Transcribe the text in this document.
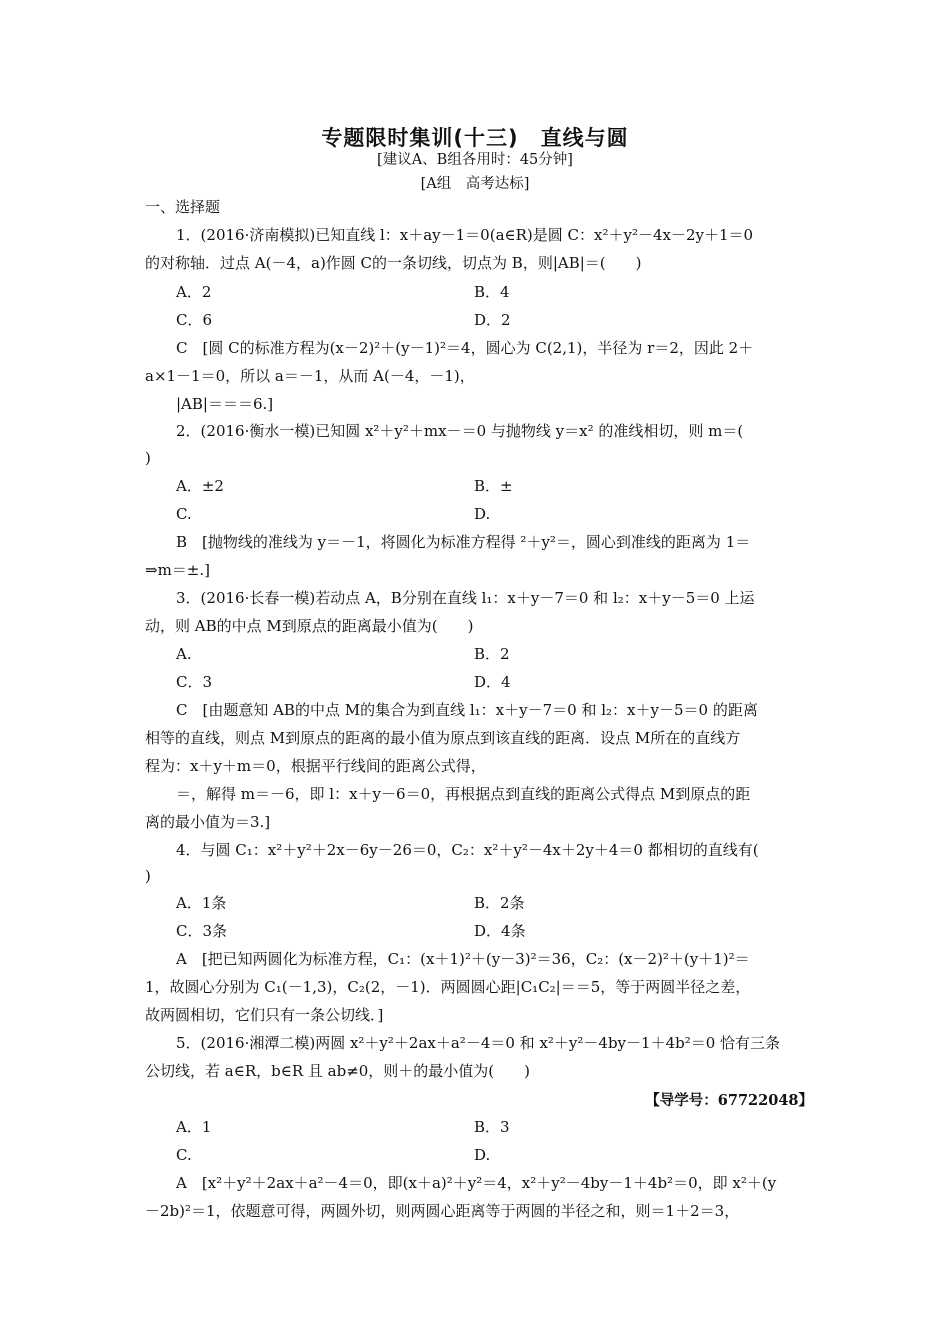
专题限时集训(十三)　直线与圆
[建议A、B组各用时：45分钟]
[A组　高考达标]
一、选择题
1．(2016·济南模拟)已知直线 l：x＋ay－1＝0(a∈R)是圆 C：x²＋y²－4x－2y＋1＝0
的对称轴．过点 A(－4，a)作圆 C的一条切线，切点为 B，则|AB|＝(　　)
A．2	B．4
C．6	D．2
C　[圆 C的标准方程为(x－2)²＋(y－1)²＝4，圆心为 C(2,1)，半径为 r＝2，因此 2＋
a×1－1＝0，所以 a＝－1，从而 A(－4，－1)，
|AB|＝＝＝6.]
2．(2016·衡水一模)已知圆 x²＋y²＋mx－＝0 与抛物线 y＝x² 的准线相切，则 m＝(
)
A．±2	B．±
C.	D.
B　[抛物线的准线为 y＝－1，将圆化为标准方程得 ²＋y²＝，圆心到准线的距离为 1＝
⇒m＝±.]
3．(2016·长春一模)若动点 A，B分别在直线 l₁：x＋y－7＝0 和 l₂：x＋y－5＝0 上运
动，则 AB的中点 M到原点的距离最小值为(　　)
A.	B．2
C．3	D．4
C　[由题意知 AB的中点 M的集合为到直线 l₁：x＋y－7＝0 和 l₂：x＋y－5＝0 的距离
相等的直线，则点 M到原点的距离的最小值为原点到该直线的距离．设点 M所在的直线方
程为：x＋y＋m＝0，根据平行线间的距离公式得，
＝，解得 m＝－6，即 l：x＋y－6＝0，再根据点到直线的距离公式得点 M到原点的距
离的最小值为＝3.]
4．与圆 C₁：x²＋y²＋2x－6y－26＝0，C₂：x²＋y²－4x＋2y＋4＝0 都相切的直线有(
)
A．1条	B．2条
C．3条	D．4条
A　[把已知两圆化为标准方程，C₁：(x＋1)²＋(y－3)²＝36，C₂：(x－2)²＋(y＋1)²＝
1，故圆心分别为 C₁(－1,3)，C₂(2，－1)．两圆圆心距|C₁C₂|＝＝5，等于两圆半径之差，
故两圆相切，它们只有一条公切线．]
5．(2016·湘潭二模)两圆 x²＋y²＋2ax＋a²－4＝0 和 x²＋y²－4by－1＋4b²＝0 恰有三条
公切线，若 a∈R，b∈R 且 ab≠0，则＋的最小值为(　　)
【导学号：67722048】
A．1	B．3
C.	D.
A　[x²＋y²＋2ax＋a²－4＝0，即(x＋a)²＋y²＝4，x²＋y²－4by－1＋4b²＝0，即 x²＋(y
－2b)²＝1，依题意可得，两圆外切，则两圆心距离等于两圆的半径之和，则＝1＋2＝3，
